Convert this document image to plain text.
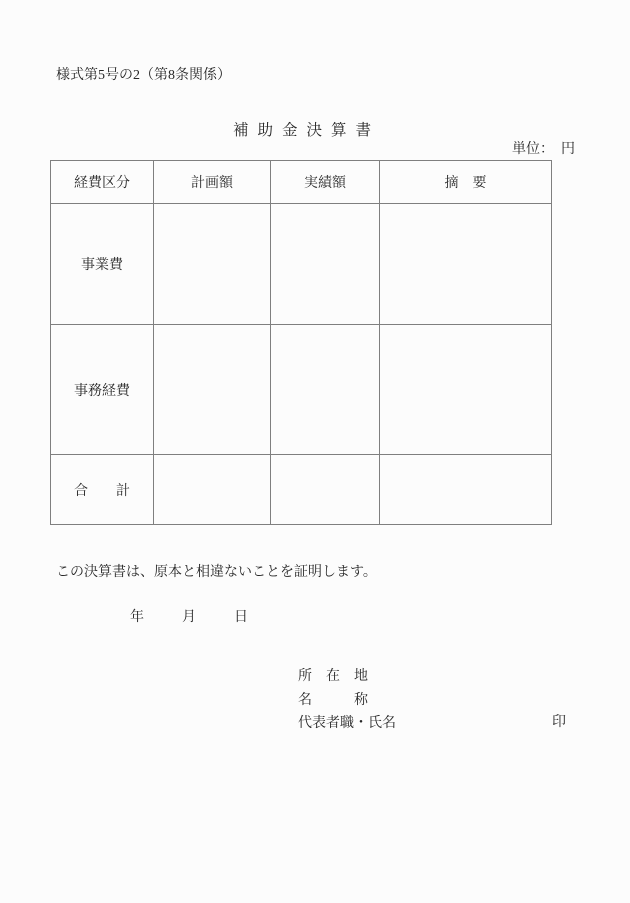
様式第5号の2（第8条関係）
補助金決算書
単位：　円
経費区分	計画額	実績額	摘　要
事業費			
事務経費			
合　　計			
この決算書は、原本と相違ないことを証明します。
年月日
所　在　地
名　　　称
代表者職・氏名	印
